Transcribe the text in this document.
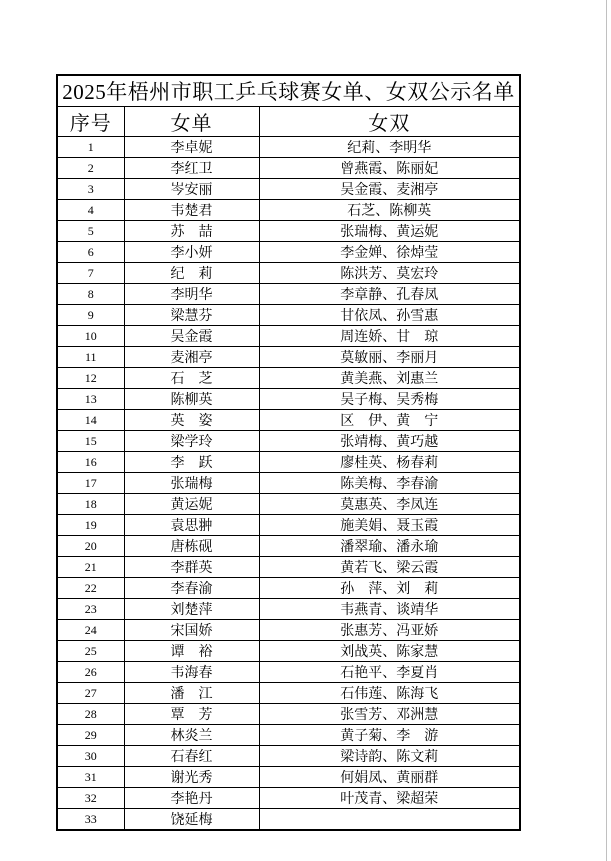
2025年梧州市职工乒乓球赛女单、女双公示名单		
序号	女单	女双
1	李卓妮	纪莉、李明华
2	李红卫	曾燕霞、陈丽妃
3	岑安丽	吴金霞、麦湘亭
4	韦楚君	石芝、陈柳英
5	苏　喆	张瑞梅、黄运妮
6	李小妍	李金婵、徐焯莹
7	纪　莉	陈洪芳、莫宏玲
8	李明华	李章静、孔春凤
9	梁慧芬	甘依凤、孙雪惠
10	吴金霞	周连娇、甘　琼
11	麦湘亭	莫敏丽、李丽月
12	石　芝	黄美燕、刘惠兰
13	陈柳英	吴子梅、吴秀梅
14	英　姿	区　伊、黄　宁
15	梁学玲	张靖梅、黄巧越
16	李　跃	廖桂英、杨春莉
17	张瑞梅	陈美梅、李春渝
18	黄运妮	莫惠英、李凤连
19	袁思翀	施美娟、聂玉霞
20	唐栋砚	潘翠瑜、潘永瑜
21	李群英	黄若飞、梁云霞
22	李春渝	孙　萍、刘　莉
23	刘楚萍	韦燕青、谈靖华
24	宋国娇	张惠芳、冯亚娇
25	谭　裕	刘战英、陈家慧
26	韦海春	石艳平、李夏肖
27	潘　江	石伟莲、陈海飞
28	覃　芳	张雪芳、邓洲慧
29	林炎兰	黄子菊、李　游
30	石春红	梁诗韵、陈文莉
31	谢光秀	何娟凤、黄丽群
32	李艳丹	叶茂青、梁超荣
33	饶延梅	
